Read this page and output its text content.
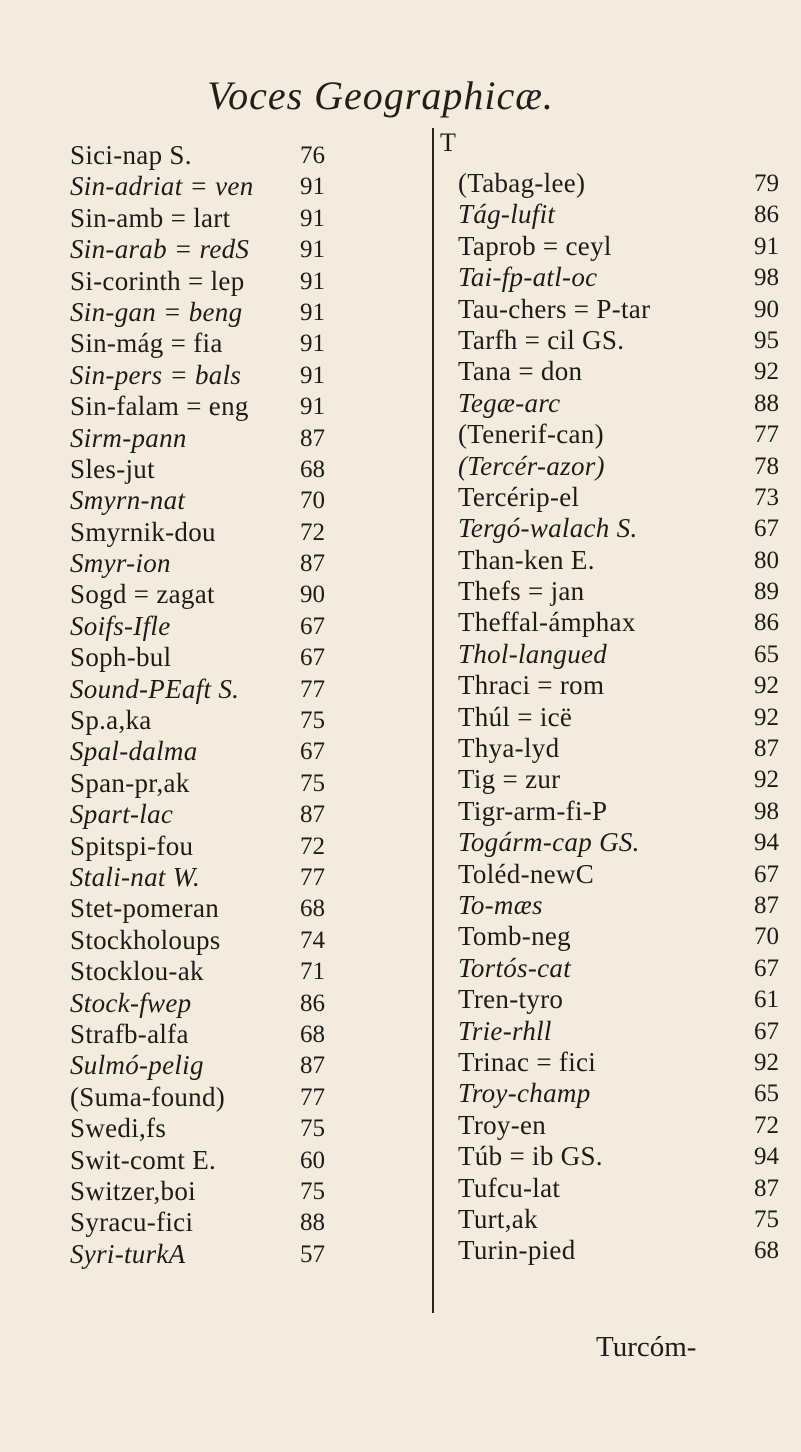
Voces Geographicæ.
T
Sici-nap S.	76
Sin-adriat = ven 91
Sin-amb = lart	91
Sin-arab = redS 91
Si-corinth = lep 91
Sin-gan = beng 91
Sin-mág = fia	91
Sin-pers = bals 91
Sin-falam = eng 91
Sirm-pann	87
Sles-jut	68
Smyrn-nat	70
Smyrnik-dou	72
Smyr-ion	87
Sogd = zagat	90
Soifs-Ifle	67
Soph-bul	67
Sound-PEaft S. 77
Sp.a,ka	75
Spal-dalma	67
Span-pr,ak	75
Spart-lac	87
Spitspi-fou	72
Stali-nat W.	77
Stet-pomeran	68
Stockholoups	74
Stocklou-ak	71
Stock-fwep	86
Strafb-alfa	68
Sulmó-pelig	87
(Suma-found)	77
Swedi,fs	75
Swit-comt E.	60
Switzer,boi	75
Syracu-fici	88
Syri-turkA	57
(Tabag-lee)	79
Tág-lufit	86
Taprob = ceyl	91
Tai-fp-atl-oc	98
Tau-chers = P-tar	90
Tarfh = cil GS.	95
Tana = don	92
Tegæ-arc	88
(Tenerif-can)	77
(Tercér-azor)	78
Tercérip-el	73
Tergó-walach S.	67
Than-ken E.	80
Thefs = jan	89
Theffal-ámphax	86
Thol-langued	65
Thraci = rom	92
Thúl = icë	92
Thya-lyd	87
Tig = zur	92
Tigr-arm-fi-P	98
Togárm-cap GS.	94
Toléd-newC	67
To-mæs	87
Tomb-neg	70
Tortós-cat	67
Tren-tyro	61
Trie-rhll	67
Trinac = fici	92
Troy-champ	65
Troy-en	72
Túb = ib GS.	94
Tufcu-lat	87
Turt,ak	75
Turin-pied	68
Turcóm-
